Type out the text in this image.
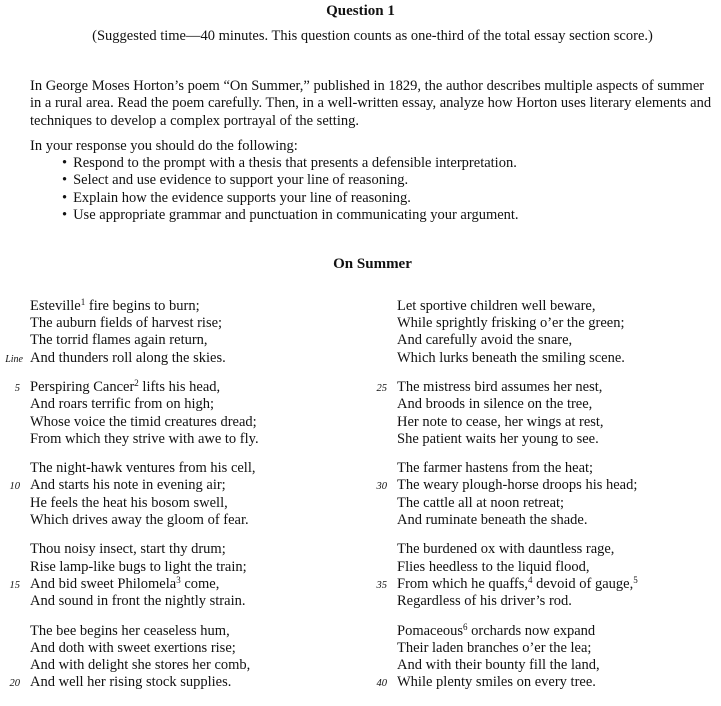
Question 1
(Suggested time—40 minutes. This question counts as one-third of the total essay section score.)

In George Moses Horton’s poem “On Summer,” published in 1829, the author describes multiple aspects of summer in a rural area. Read the poem carefully. Then, in a well-written essay, analyze how Horton uses literary elements and techniques to develop a complex portrayal of the setting.

In your response you should do the following:

• Respond to the prompt with a thesis that presents a defensible interpretation.
• Select and use evidence to support your line of reasoning.
• Explain how the evidence supports your line of reasoning.
• Use appropriate grammar and punctuation in communicating your argument.
On Summer
Esteville$^1$ fire begins to burn;
The auburn fields of harvest rise;
The torrid flames again return,
Line And thunders roll along the skies.
5 Perspiring Cancer$^2$ lifts his head,
And roars terrific from on high;
Whose voice the timid creatures dread;
From which they strive with awe to fly.
The night-hawk ventures from his cell,
10 And starts his note in evening air;
He feels the heat his bosom swell,
Which drives away the gloom of fear.
Thou noisy insect, start thy drum;
Rise lamp-like bugs to light the train;
15 And bid sweet Philomela$^3$ come,
And sound in front the nightly strain.
The bee begins her ceaseless hum,
And doth with sweet exertions rise;
And with delight she stores her comb,
20 And well her rising stock supplies.
Let sportive children well beware,
While sprightly frisking o’er the green;
And carefully avoid the snare,
Which lurks beneath the smiling scene.
25 The mistress bird assumes her nest,
And broods in silence on the tree,
Her note to cease, her wings at rest,
She patient waits her young to see.
The farmer hastens from the heat;
30 The weary plough-horse droops his head;
The cattle all at noon retreat;
And ruminate beneath the shade.
The burdened ox with dauntless rage,
Flies heedless to the liquid flood,
35 From which he quaffs,$^4$ devoid of gauge,$^5$
Regardless of his driver’s rod.
Pomaceous$^6$ orchards now expand
Their laden branches o’er the lea;
And with their bounty fill the land,
40 While plenty smiles on every tree.
